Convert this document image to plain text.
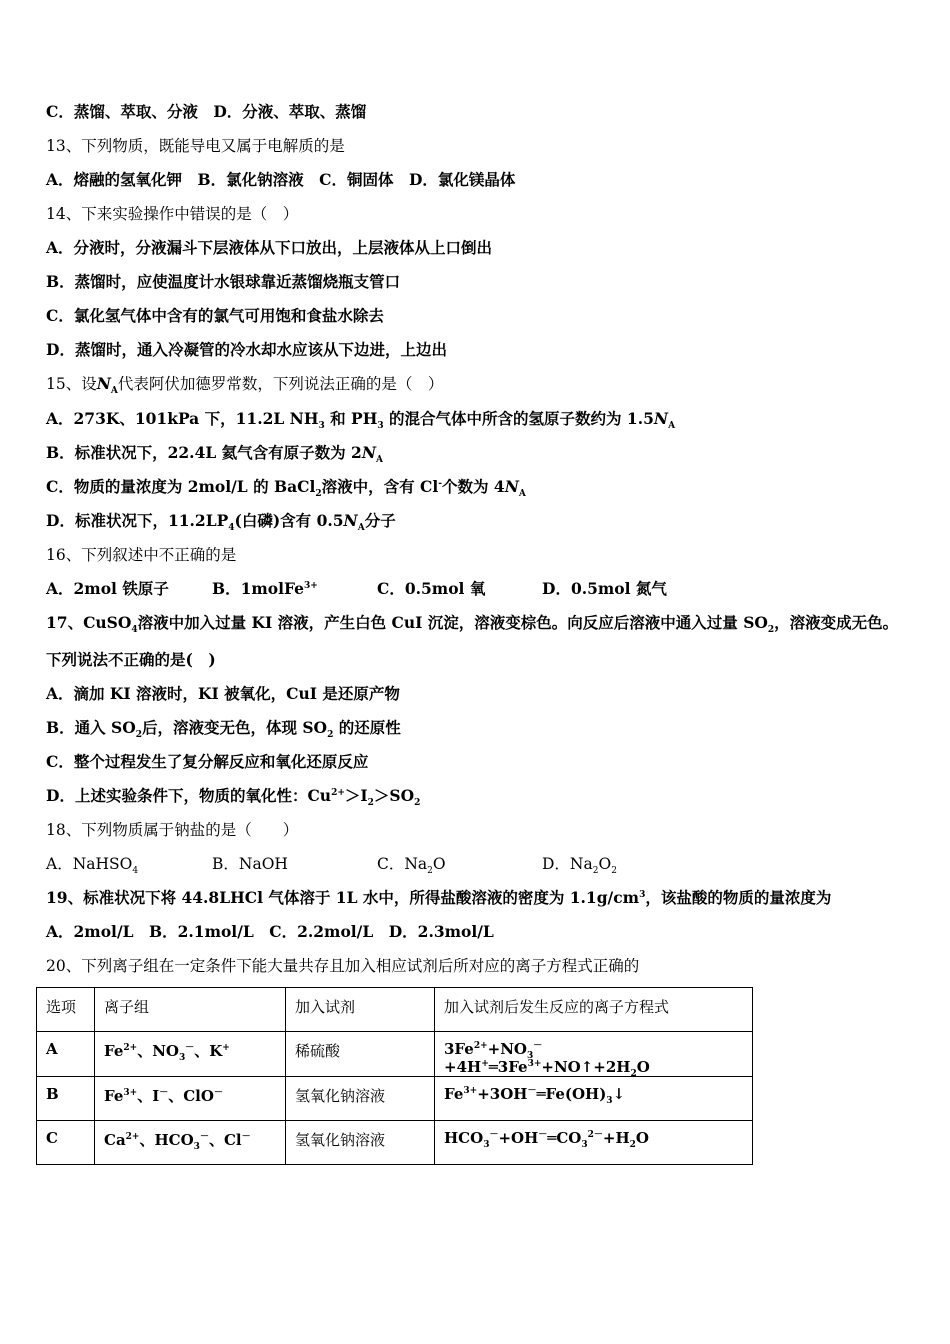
C．蒸馏、萃取、分液　D．分液、萃取、蒸馏
13、下列物质，既能导电又属于电解质的是
A．熔融的氢氧化钾　B．氯化钠溶液　C．铜固体　D．氯化镁晶体
14、下来实验操作中错误的是（　）
A．分液时，分液漏斗下层液体从下口放出，上层液体从上口倒出
B．蒸馏时，应使温度计水银球靠近蒸馏烧瓶支管口
C．氯化氢气体中含有的氯气可用饱和食盐水除去
D．蒸馏时，通入冷凝管的冷水却水应该从下边进，上边出
15、设$N_A$代表阿伏加德罗常数，下列说法正确的是（　）
A．273K、101kPa 下，11.2L $NH_3$ 和 $PH_3$ 的混合气体中所含的氢原子数约为 $1.5N_A$
B．标准状况下，22.4L 氦气含有原子数为 $2N_A$
C．物质的量浓度为 2mol/L 的 BaCl$_2$溶液中，含有 Cl-个数为 $4N_A$
D．标准状况下，$11.2LP_4$(白磷)含有 $0.5N_A$分子
16、下列叙述中不正确的是
A．2mol 铁原子	B．1molFe$^{3+}$	C．0.5mol 氧	D．0.5mol 氮气
17、CuSO$_4$溶液中加入过量 KI 溶液，产生白色 CuI 沉淀，溶液变棕色。向反应后溶液中通入过量 $SO_2$，溶液变成无色。
下列说法不正确的是(　)
A．滴加 KI 溶液时，KI 被氧化，CuI 是还原产物
B．通入 $SO_2$后，溶液变无色，体现 $SO_2$ 的还原性
C．整个过程发生了复分解反应和氧化还原反应
D．上述实验条件下，物质的氧化性：$Cu^{2+}>I_2>SO_2$
18、下列物质属于钠盐的是（　　）
A．NaHSO$_4$	B．NaOH	C．$Na_2O$	D．$Na_2O_2$
19、标准状况下将 44.8LHCl 气体溶于 1L 水中，所得盐酸溶液的密度为 $1.1g/cm^3$，该盐酸的物质的量浓度为
A．2mol/L　B．2.1mol/L　C．2.2mol/L　D．2.3mol/L
20、下列离子组在一定条件下能大量共存且加入相应试剂后所对应的离子方程式正确的
选项	离子组	加入试剂	加入试剂后发生反应的离子方程式
A	$Fe^{2+}$、$NO_3^-$、K+	稀硫酸	$3Fe^{2+}+NO_3^-+4H^+═3Fe^{3+}+NO↑+2H_2O$
B	$Fe^{3+}$、I－、ClO－	氢氧化钠溶液	$Fe^{3+}+3OH^-═Fe(OH)_3↓$
C	$Ca^{2+}$、$HCO_3^-$、Cl－	氢氧化钠溶液	$HCO_3^-+OH^-═CO_3^{2-}+H_2O$
